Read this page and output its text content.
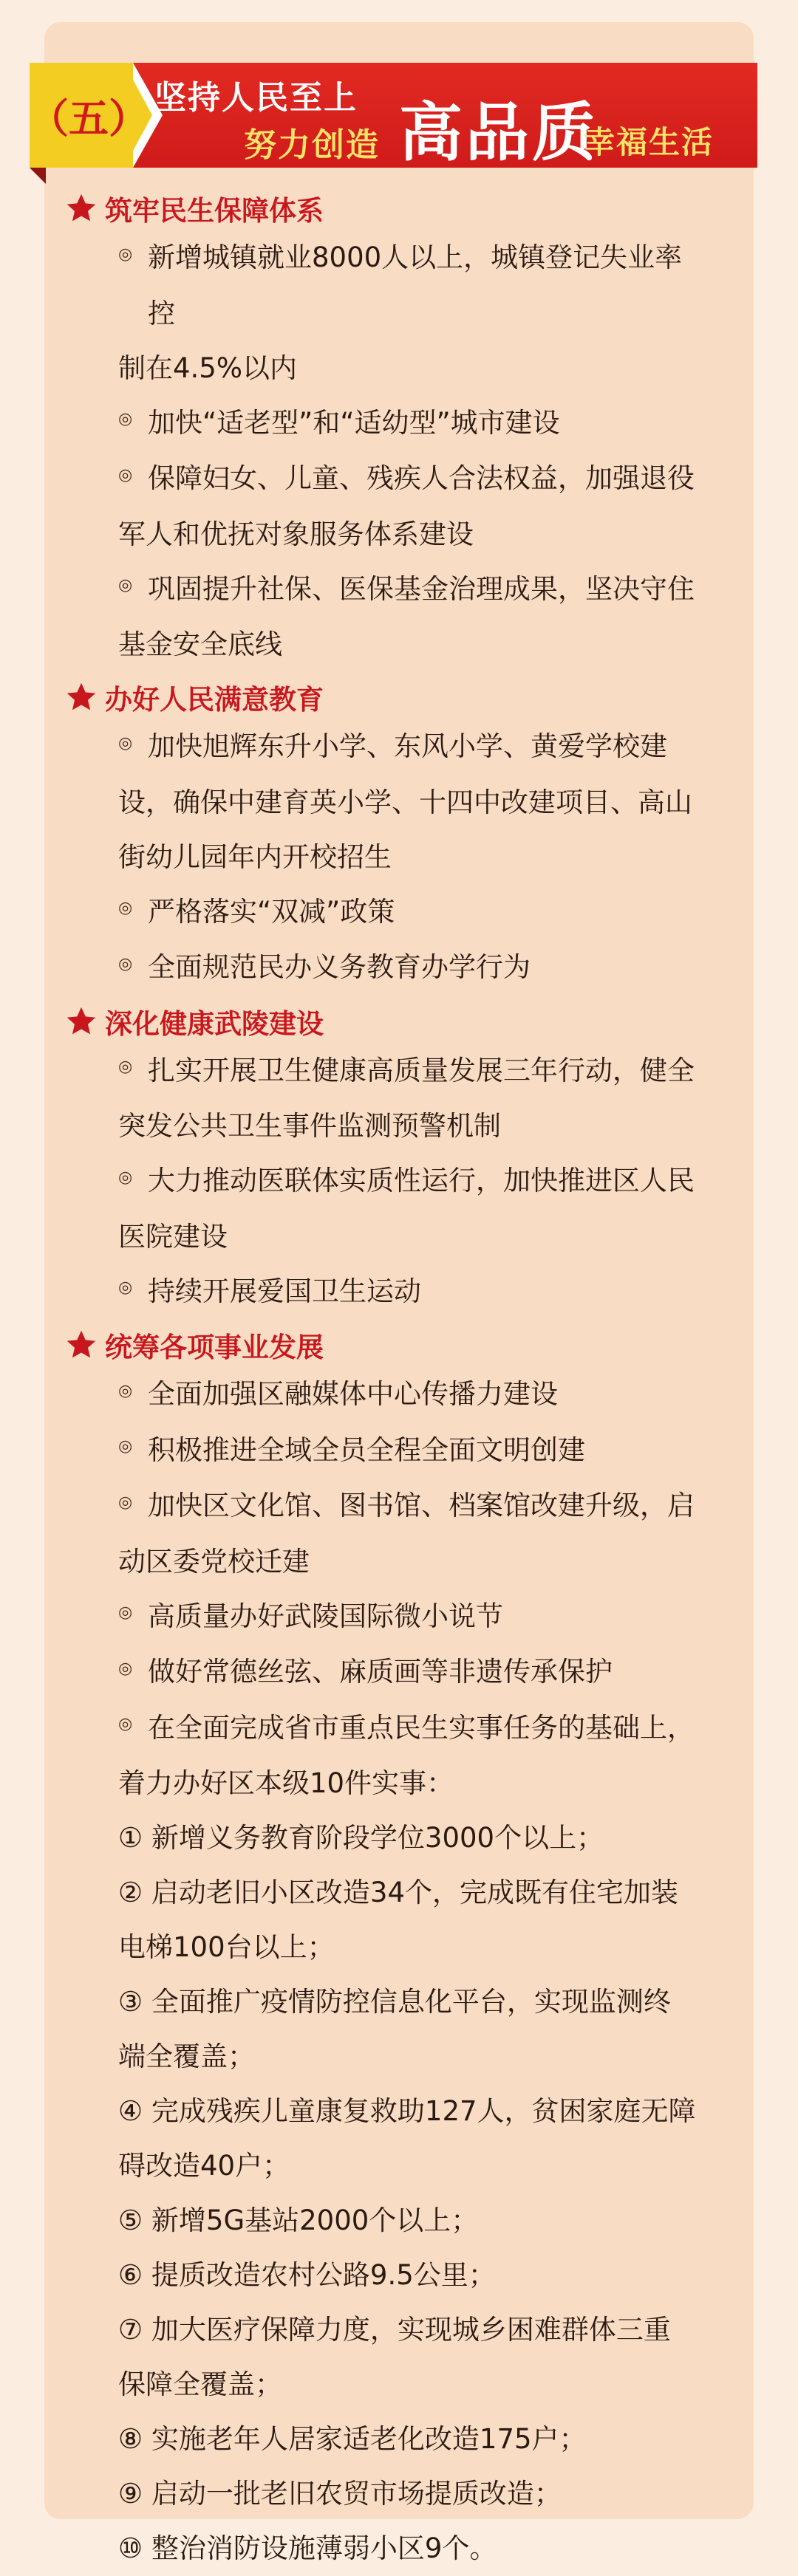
（五） 坚持人民至上
努力创造 高品质
幸福生活
筑牢民生保障体系
◎ 新增城镇就业8000人以上，城镇登记失业率控
制在4.5%以内
◎ 加快“适老型”和“适幼型”城市建设
◎ 保障妇女、儿童、残疾人合法权益，加强退役
军人和优抚对象服务体系建设
◎ 巩固提升社保、医保基金治理成果，坚决守住
基金安全底线
办好人民满意教育
◎ 加快旭辉东升小学、东风小学、黄爱学校建
设，确保中建育英小学、十四中改建项目、高山
街幼儿园年内开校招生
◎ 严格落实“双减”政策
◎ 全面规范民办义务教育办学行为
深化健康武陵建设
◎ 扎实开展卫生健康高质量发展三年行动，健全
突发公共卫生事件监测预警机制
◎ 大力推动医联体实质性运行，加快推进区人民
医院建设
◎ 持续开展爱国卫生运动
统筹各项事业发展
◎ 全面加强区融媒体中心传播力建设
◎ 积极推进全域全员全程全面文明创建
◎ 加快区文化馆、图书馆、档案馆改建升级，启
动区委党校迁建
◎ 高质量办好武陵国际微小说节
◎ 做好常德丝弦、麻质画等非遗传承保护
◎ 在全面完成省市重点民生实事任务的基础上，
着力办好区本级10件实事：
① 新增义务教育阶段学位3000个以上；
② 启动老旧小区改造34个，完成既有住宅加装
电梯100台以上；
③ 全面推广疫情防控信息化平台，实现监测终
端全覆盖；
④ 完成残疾儿童康复救助127人，贫困家庭无障
碍改造40户；
⑤ 新增5G基站2000个以上；
⑥ 提质改造农村公路9.5公里；
⑦ 加大医疗保障力度，实现城乡困难群体三重
保障全覆盖；
⑧ 实施老年人居家适老化改造175户；
⑨ 启动一批老旧农贸市场提质改造；
⑩ 整治消防设施薄弱小区9个。
